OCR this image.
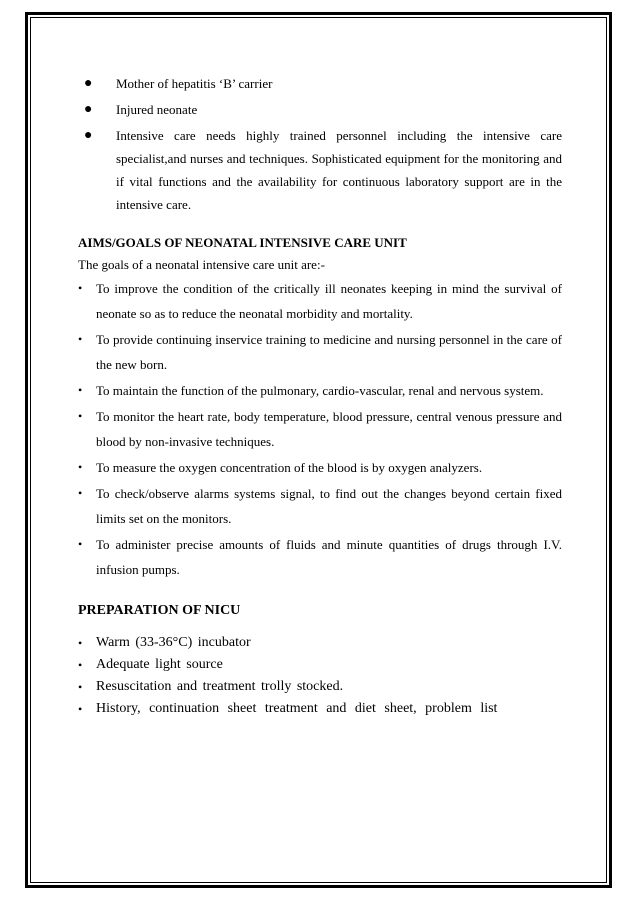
● Mother of hepatitis ‘B’ carrier
● Injured neonate
● Intensive care needs highly trained personnel including the intensive care specialist,and nurses and techniques. Sophisticated equipment for the monitoring and if vital functions and the availability for continuous laboratory support are in the intensive care.

AIMS/GOALS OF NEONATAL INTENSIVE CARE UNIT

The goals of a neonatal intensive care unit are:-

• To improve the condition of the critically ill neonates keeping in mind the survival of neonate so as to reduce the neonatal morbidity and mortality.
• To provide continuing inservice training to medicine and nursing personnel in the care of the new born.
• To maintain the function of the pulmonary, cardio-vascular, renal and nervous system.
• To monitor the heart rate, body temperature, blood pressure, central venous pressure and blood by non-invasive techniques.
• To measure the oxygen concentration of the blood is by oxygen analyzers.
• To check/observe alarms systems signal, to find out the changes beyond certain fixed limits set on the monitors.
• To administer precise amounts of fluids and minute quantities of drugs through I.V. infusion pumps.

PREPARATION OF NICU

• Warm (33-36°C) incubator
• Adequate light source
• Resuscitation and treatment trolly stocked.
• History, continuation sheet treatment and diet sheet, problem list
